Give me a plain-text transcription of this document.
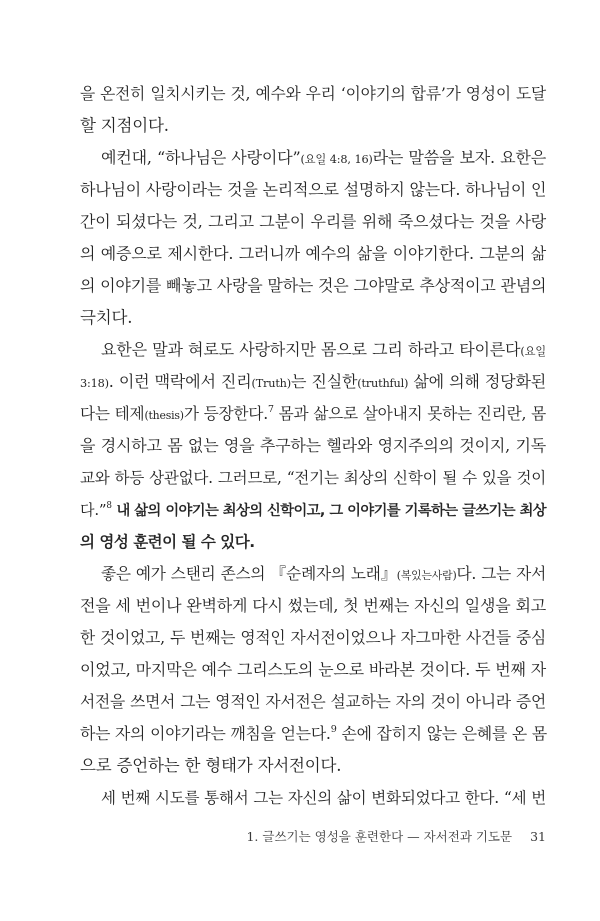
을 온전히 일치시키는 것, 예수와 우리 ‘이야기의 합류’가 영성이 도달
할 지점이다.
예컨대, “하나님은 사랑이다”(요일 4:8, 16)라는 말씀을 보자. 요한은
하나님이 사랑이라는 것을 논리적으로 설명하지 않는다. 하나님이 인
간이 되셨다는 것, 그리고 그분이 우리를 위해 죽으셨다는 것을 사랑
의 예증으로 제시한다. 그러니까 예수의 삶을 이야기한다. 그분의 삶
의 이야기를 빼놓고 사랑을 말하는 것은 그야말로 추상적이고 관념의
극치다.
요한은 말과 혀로도 사랑하지만 몸으로 그리 하라고 타이른다(요일
3:18). 이런 맥락에서 진리(Truth)는 진실한(truthful) 삶에 의해 정당화된
다는 테제(thesis)가 등장한다.$^7$ 몸과 삶으로 살아내지 못하는 진리란, 몸
을 경시하고 몸 없는 영을 추구하는 헬라와 영지주의의 것이지, 기독
교와 하등 상관없다. 그러므로, “전기는 최상의 신학이 될 수 있을 것이
다.”$^8$ 내 삶의 이야기는 최상의 신학이고, 그 이야기를 기록하는 글쓰기는 최상
의 영성 훈련이 될 수 있다.
좋은 예가 스탠리 존스의 『순례자의 노래』(복있는사람)다. 그는 자서
전을 세 번이나 완벽하게 다시 썼는데, 첫 번째는 자신의 일생을 회고
한 것이었고, 두 번째는 영적인 자서전이었으나 자그마한 사건들 중심
이었고, 마지막은 예수 그리스도의 눈으로 바라본 것이다. 두 번째 자
서전을 쓰면서 그는 영적인 자서전은 설교하는 자의 것이 아니라 증언
하는 자의 이야기라는 깨침을 얻는다.$^9$ 손에 잡히지 않는 은혜를 온 몸
으로 증언하는 한 형태가 자서전이다.
세 번째 시도를 통해서 그는 자신의 삶이 변화되었다고 한다. “세 번
1. 글쓰기는 영성을 훈련한다 — 자서전과 기도문 31
